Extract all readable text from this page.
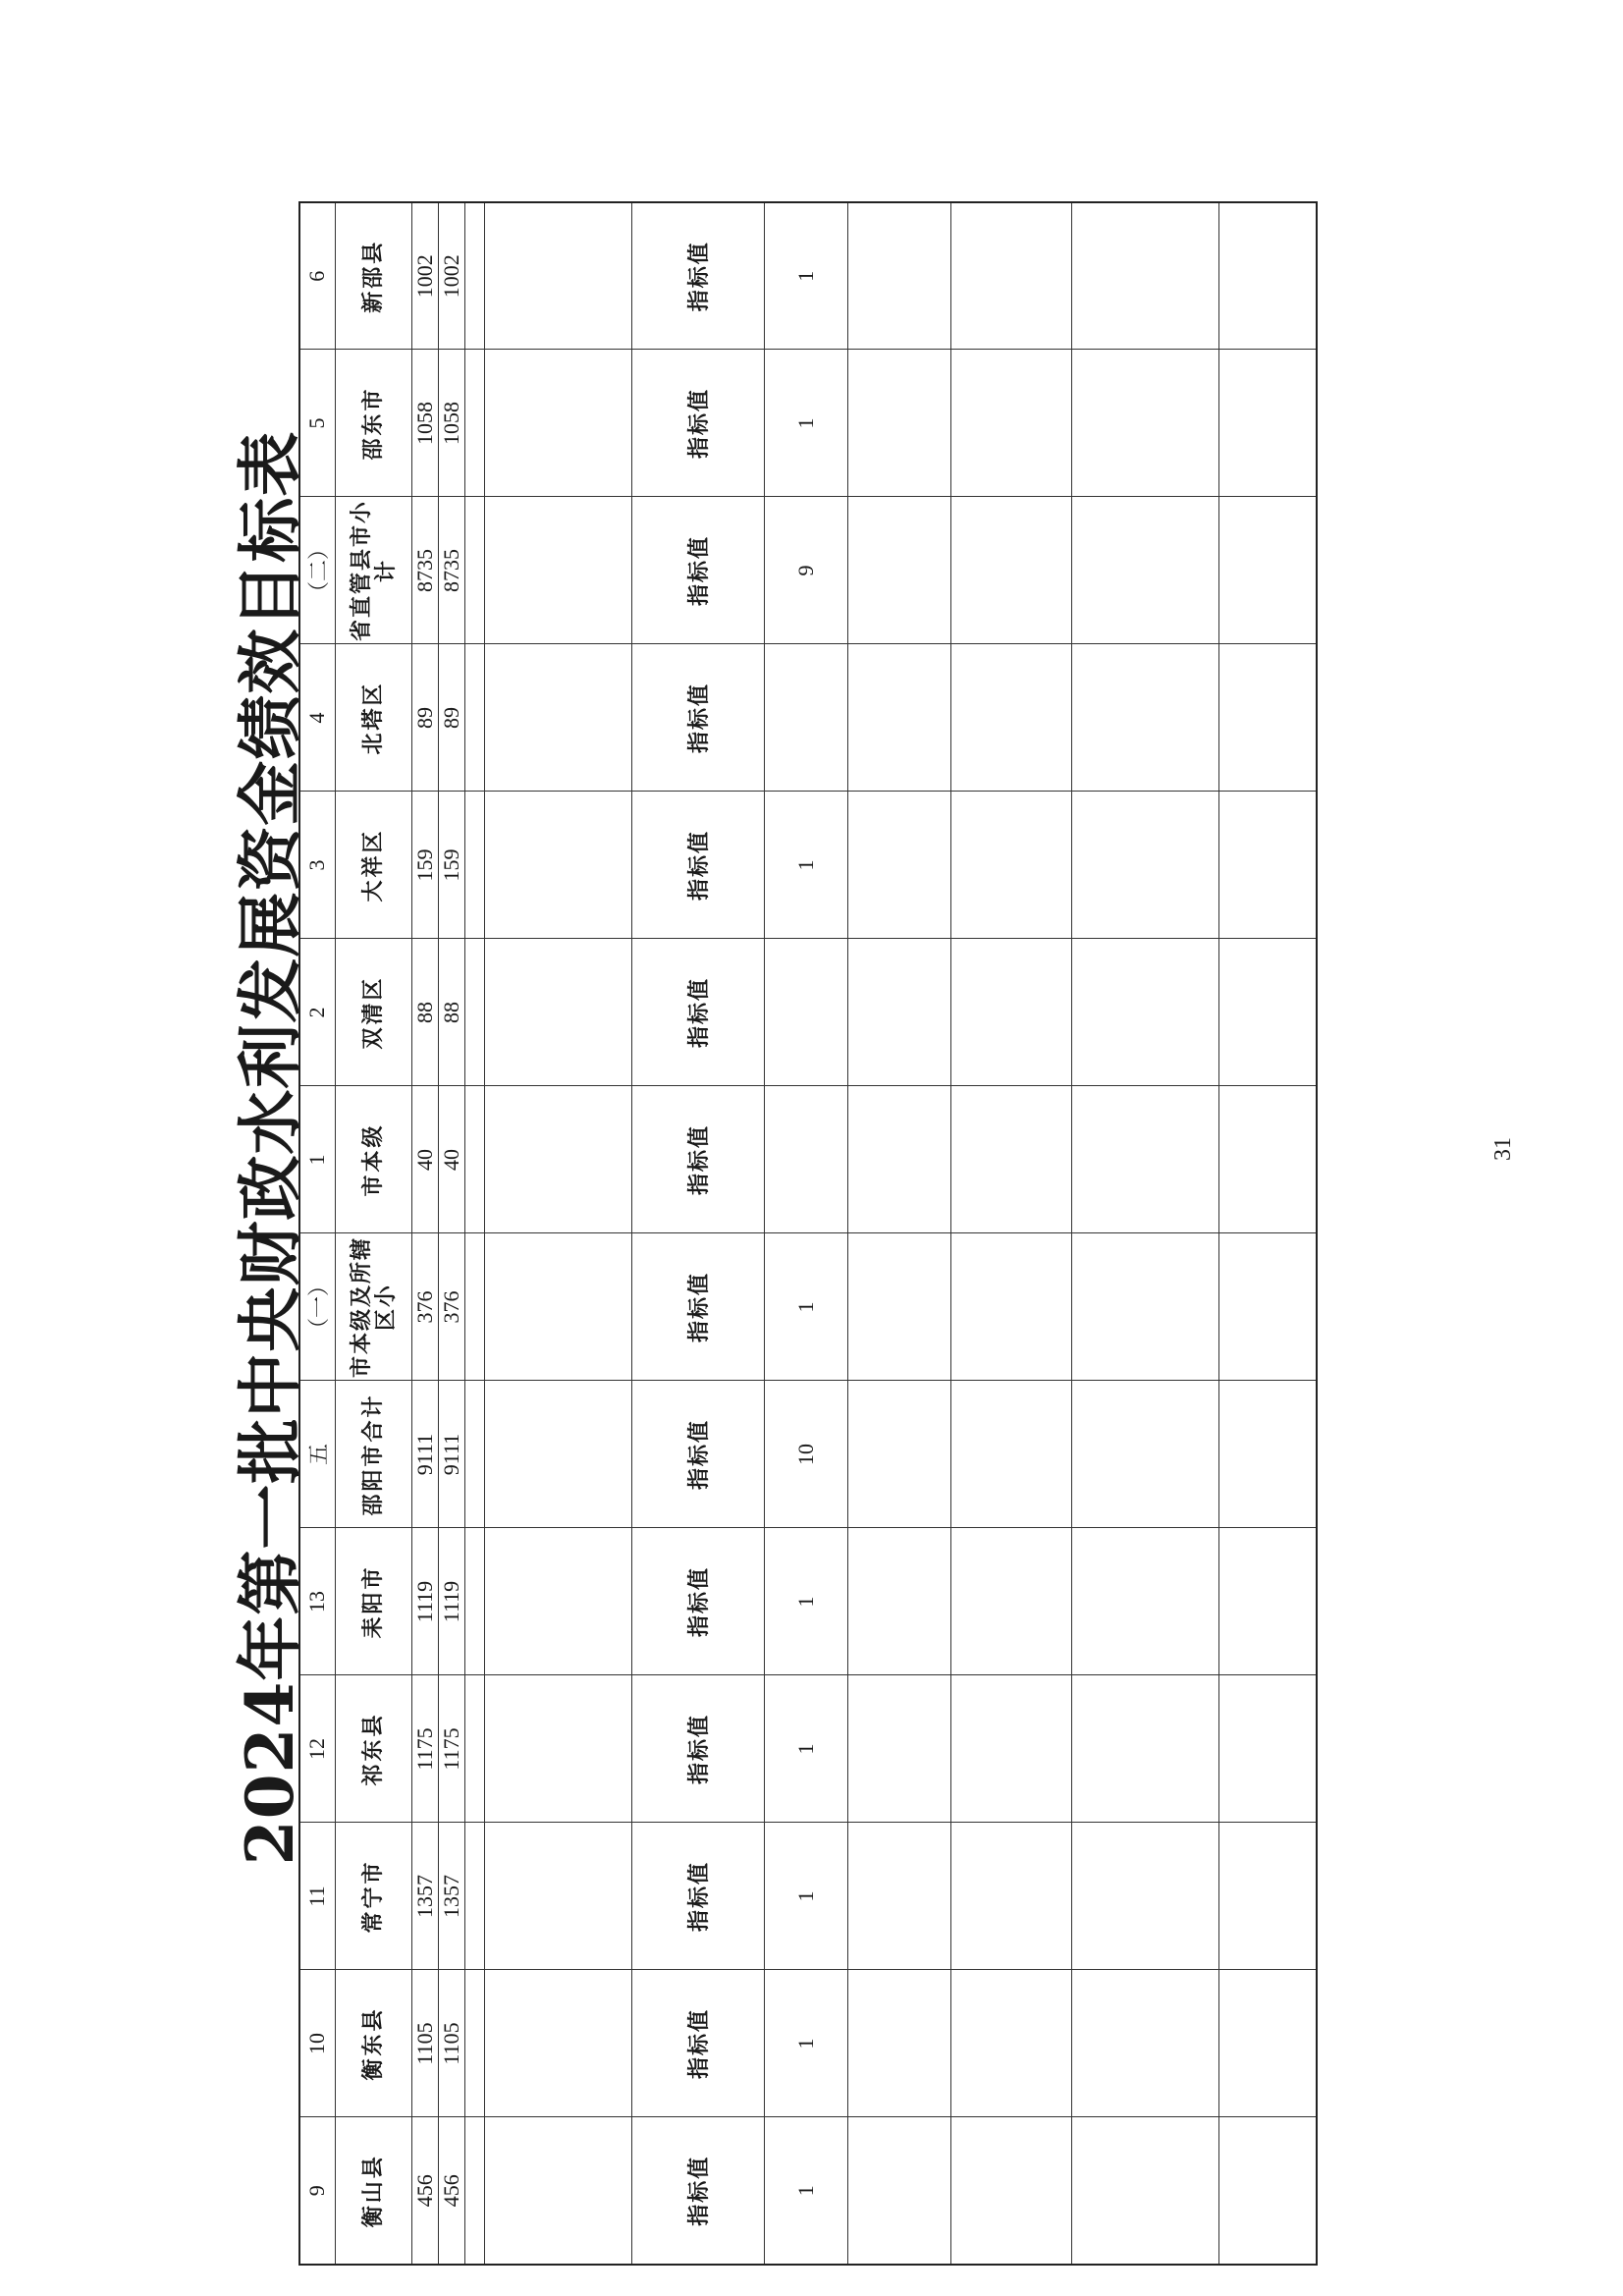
2024年第一批中央财政水利发展资金绩效目标表
9	10	11	12	13	五	（一）	1	2	3	4	（二）	5	6
衡山县	衡东县	常宁市	祁东县	耒阳市	邵阳市合计	市本级及所辖区小	市本级	双清区	大祥区	北塔区	省直管县市小计	邵东市	新邵县
456	1105	1357	1175	1119	9111	376	40	88	159	89	8735	1058	1002
456	1105	1357	1175	1119	9111	376	40	88	159	89	8735	1058	1002

指标值	指标值	指标值	指标值	指标值	指标值	指标值	指标值	指标值	指标值	指标值	指标值	指标值	指标值
1	1	1	1	1	10	1			1		9	1	1

31
